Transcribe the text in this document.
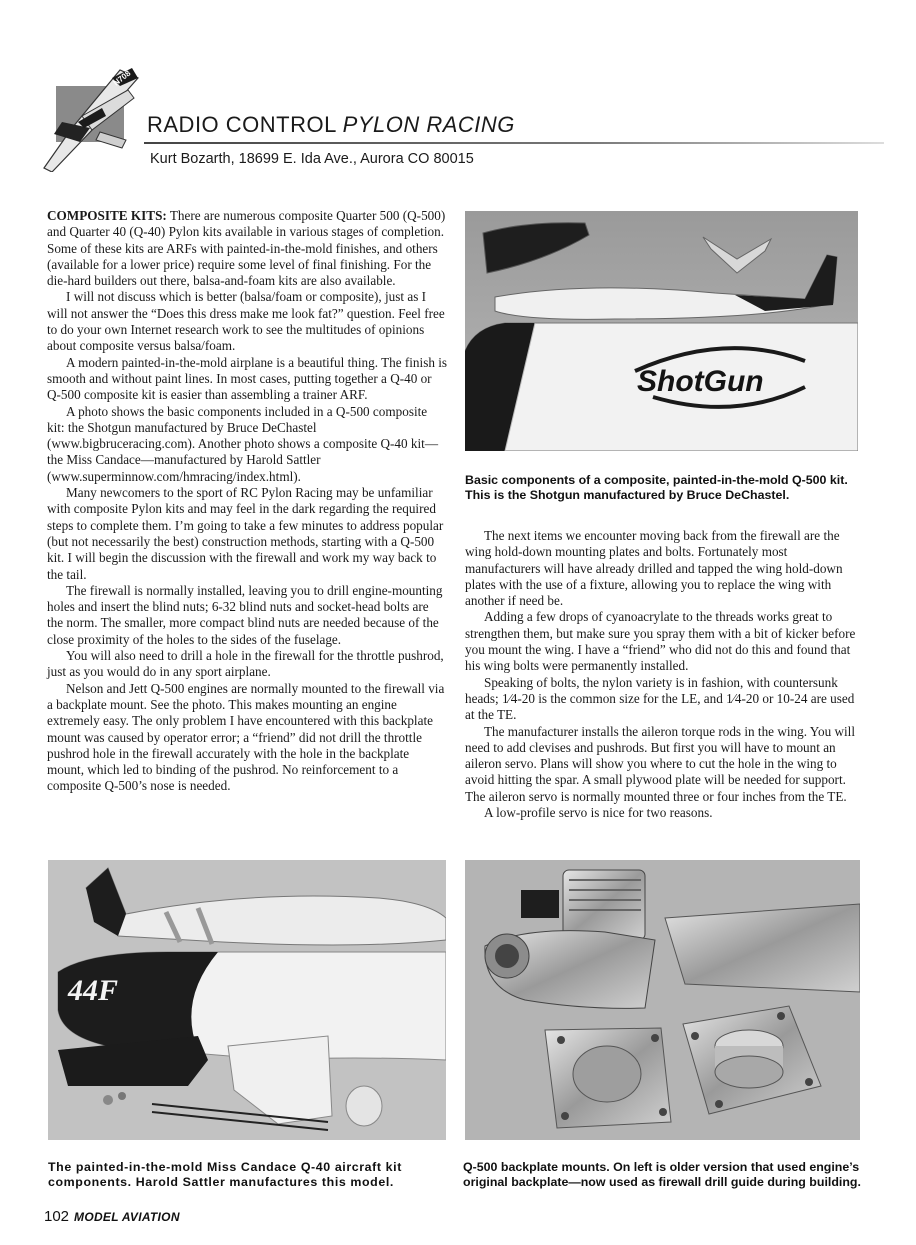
N708
RADIO CONTROL PYLON RACING
Kurt Bozarth, 18699 E. Ida Ave., Aurora CO 80015

COMPOSITE KITS: There are numerous composite Quarter 500 (Q-500) and Quarter 40 (Q-40) Pylon kits available in various stages of completion. Some of these kits are ARFs with painted-in-the-mold finishes, and others (available for a lower price) require some level of final finishing. For the die-hard builders out there, balsa-and-foam kits are also available.

I will not discuss which is better (balsa/foam or composite), just as I will not answer the “Does this dress make me look fat?” question. Feel free to do your own Internet research work to see the multitudes of opinions about composite versus balsa/foam.

A modern painted-in-the-mold airplane is a beautiful thing. The finish is smooth and without paint lines. In most cases, putting together a Q-40 or Q-500 composite kit is easier than assembling a trainer ARF.

A photo shows the basic components included in a Q-500 composite kit: the Shotgun manufactured by Bruce DeChastel (www.bigbruceracing.com). Another photo shows a composite Q-40 kit—the Miss Candace—manufactured by Harold Sattler (www.superminnow.com/hmracing/index.html).

Many newcomers to the sport of RC Pylon Racing may be unfamiliar with composite Pylon kits and may feel in the dark regarding the required steps to complete them. I’m going to take a few minutes to address popular (but not necessarily the best) construction methods, starting with a Q-500 kit. I will begin the discussion with the firewall and work my way back to the tail.

The firewall is normally installed, leaving you to drill engine-mounting holes and insert the blind nuts; 6-32 blind nuts and socket-head bolts are the norm. The smaller, more compact blind nuts are needed because of the close proximity of the holes to the sides of the fuselage.

You will also need to drill a hole in the firewall for the throttle pushrod, just as you would do in any sport airplane.

Nelson and Jett Q-500 engines are normally mounted to the firewall via a backplate mount. See the photo. This makes mounting an engine extremely easy. The only problem I have encountered with this backplate mount was caused by operator error; a “friend” did not drill the throttle pushrod hole in the firewall accurately with the hole in the backplate mount, which led to binding of the pushrod. No reinforcement to a composite Q-500’s nose is needed.

ShotGun
Basic components of a composite, painted-in-the-mold Q-500 kit. This is the Shotgun manufactured by Bruce DeChastel.

The next items we encounter moving back from the firewall are the wing hold-down mounting plates and bolts. Fortunately most manufacturers will have already drilled and tapped the wing hold-down plates with the use of a fixture, allowing you to replace the wing with another if need be.

Adding a few drops of cyanoacrylate to the threads works great to strengthen them, but make sure you spray them with a bit of kicker before you mount the wing. I have a “friend” who did not do this and found that his wing bolts were permanently installed.

Speaking of bolts, the nylon variety is in fashion, with countersunk heads; 1⁄4-20 is the common size for the LE, and 1⁄4-20 or 10-24 are used at the TE.

The manufacturer installs the aileron torque rods in the wing. You will need to add clevises and pushrods. But first you will have to mount an aileron servo. Plans will show you where to cut the hole in the wing to avoid hitting the spar. A small plywood plate will be needed for support. The aileron servo is normally mounted three or four inches from the TE.

A low-profile servo is nice for two reasons.

44F
The painted-in-the-mold Miss Candace Q-40 aircraft kit components. Harold Sattler manufactures this model.
Q-500 backplate mounts. On left is older version that used engine’s original backplate—now used as firewall drill guide during building.
102 MODEL AVIATION
